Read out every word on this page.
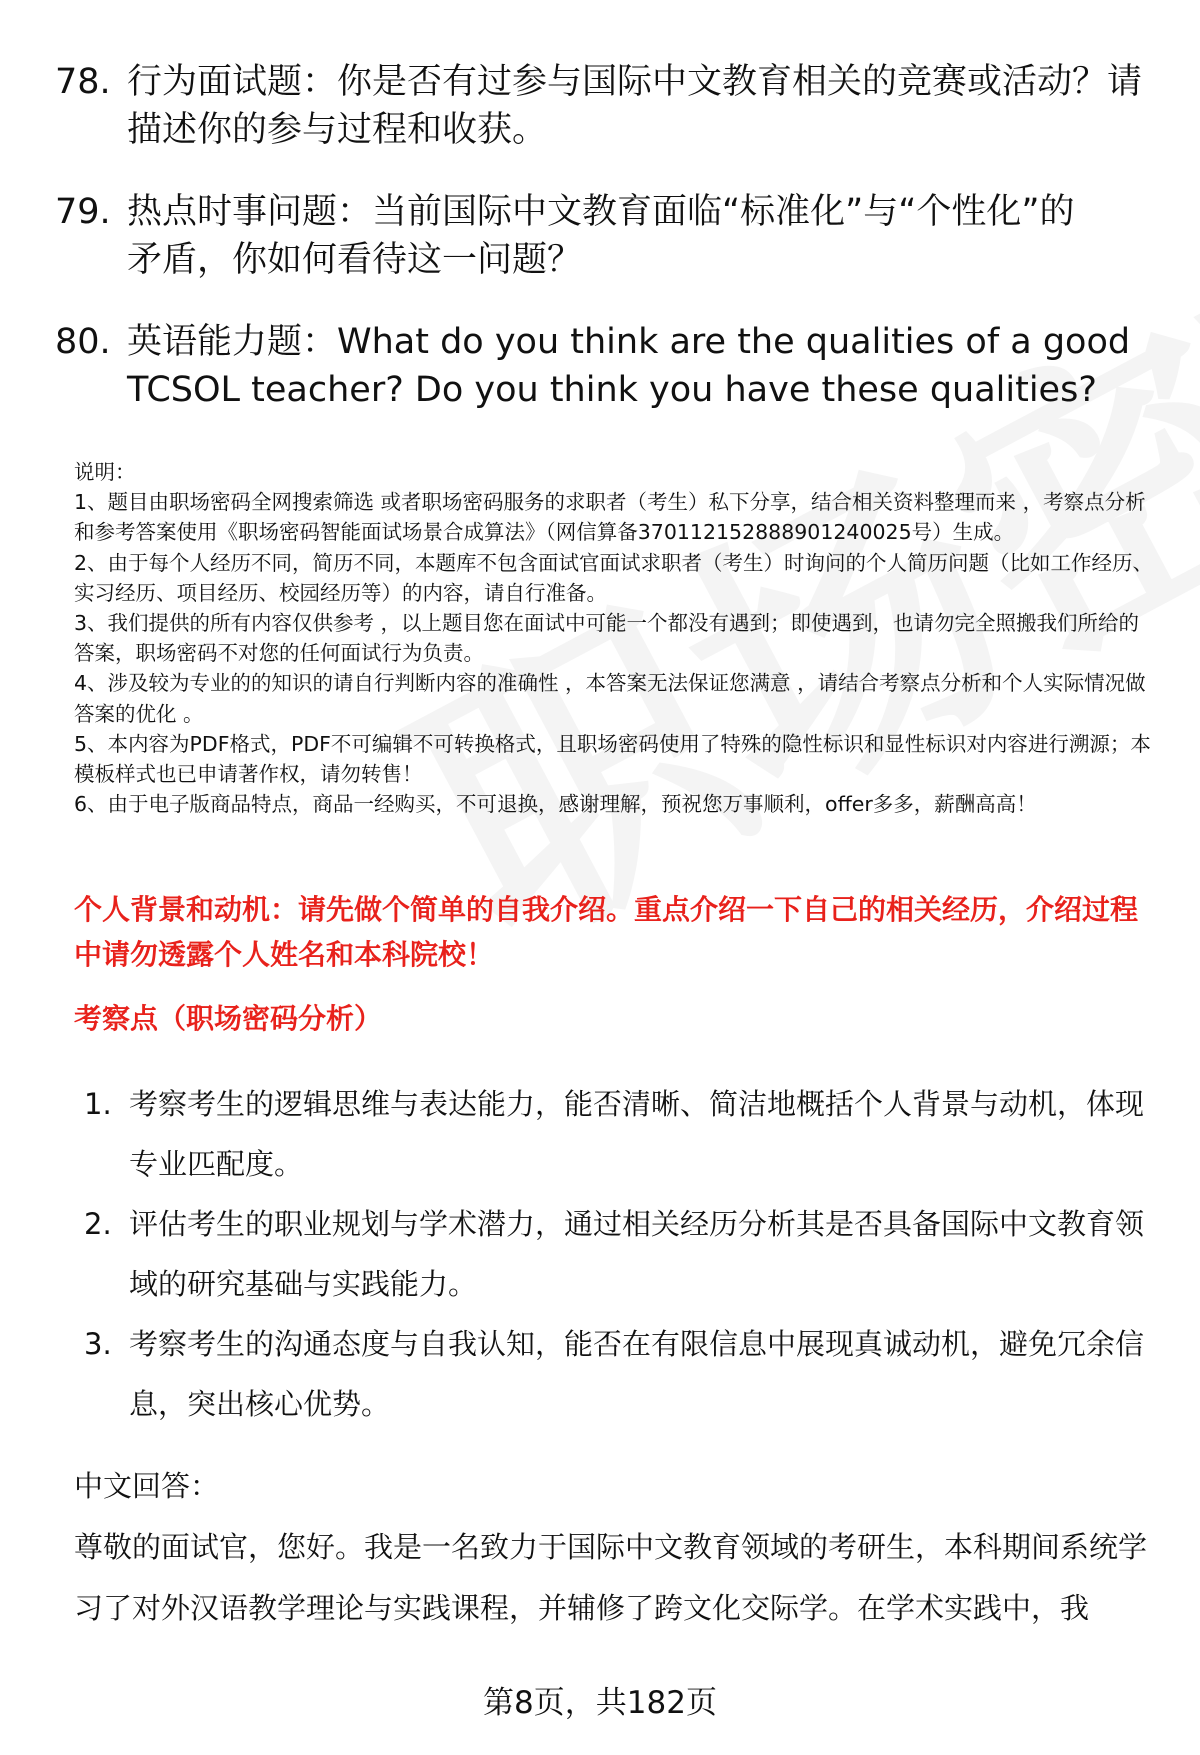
78. 行为面试题：你是否有过参与国际中文教育相关的竞赛或活动？请描述你的参与过程和收获。
79. 热点时事问题：当前国际中文教育面临“标准化”与“个性化”的矛盾，你如何看待这一问题？
80. 英语能力题：What do you think are the qualities of a good TCSOL teacher? Do you think you have these qualities?
说明：
1、题目由职场密码全网搜索筛选 或者职场密码服务的求职者（考生）私下分享，结合相关资料整理而来 ，考察点分析和参考答案使用《职场密码智能面试场景合成算法》（网信算备370112152888901240025号）生成。
2、由于每个人经历不同，简历不同，本题库不包含面试官面试求职者（考生）时询问的个人简历问题（比如工作经历、实习经历、项目经历、校园经历等）的内容，请自行准备。
3、我们提供的所有内容仅供参考 ，以上题目您在面试中可能一个都没有遇到；即使遇到，也请勿完全照搬我们所给的答案，职场密码不对您的任何面试行为负责。
4、涉及较为专业的的知识的请自行判断内容的准确性 ，本答案无法保证您满意 ，请结合考察点分析和个人实际情况做答案的优化 。
5、本内容为PDF格式，PDF不可编辑不可转换格式，且职场密码使用了特殊的隐性标识和显性标识对内容进行溯源；本模板样式也已申请著作权，请勿转售！
6、由于电子版商品特点，商品一经购买，不可退换，感谢理解，预祝您万事顺利，offer多多，薪酬高高！
个人背景和动机：请先做个简单的自我介绍。重点介绍一下自己的相关经历，介绍过程中请勿透露个人姓名和本科院校！
考察点（职场密码分析）
1. 考察考生的逻辑思维与表达能力，能否清晰、简洁地概括个人背景与动机，体现专业匹配度。
2. 评估考生的职业规划与学术潜力，通过相关经历分析其是否具备国际中文教育领域的研究基础与实践能力。
3. 考察考生的沟通态度与自我认知，能否在有限信息中展现真诚动机，避免冗余信息，突出核心优势。
中文回答：
尊敬的面试官，您好。我是一名致力于国际中文教育领域的考研生，本科期间系统学习了对外汉语教学理论与实践课程，并辅修了跨文化交际学。在学术实践中，我
第8页，共182页
